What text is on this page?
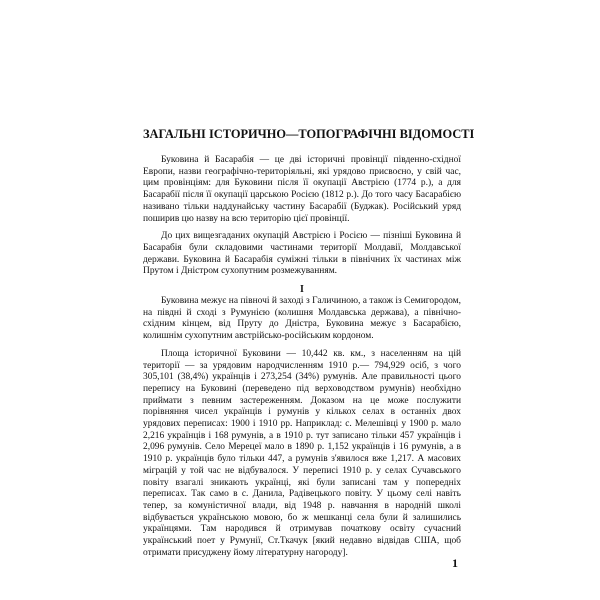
ЗАГАЛЬНІ ІСТОРИЧНО—ТОПОГРАФІЧНІ ВІДОМОСТІ

Буковина й Басарабія — це дві історичні провінції південно-східної Европи, назви географічно-територіяльні, які урядово присвоєно, у свій час, цим провінціям: для Буковини після її окупації Австрією (1774 р.), а для Басарабії після її окупації царською Росією (1812 р.). До того часу Басарабією називано тільки наддунайську частину Басарабії (Буджак). Російський уряд поширив цю назву на всю територію цієї провінції.

До цих вищезгаданих окупацій Австрією і Росією — пізніші Буковина й Басарабія були складовими частинами території Молдавії, Молдавської держави. Буковина й Басарабія суміжні тільки в північних їх частинах між Прутом і Дністром сухопутним розмежуванням.

I

Буковина межує на півночі й заході з Галичиною, а також із Семигородом, на півдні й сході з Румунією (колишня Молдавська держава), а північно-східним кінцем, від Пруту до Дністра, Буковина межує з Басарабією, колишнім сухопутним австрійсько-російським кордоном.

Площа історичної Буковини — 10,442 кв. км., з населенням на цій території — за урядовим народчисленням 1910 р.— 794,929 осіб, з чого 305,101 (38,4%) українців і 273,254 (34%) румунів. Але правильності цього перепису на Буковині (переведено під верховодством румунів) необхідно приймати з певним застереженням. Доказом на це може послужити порівняння чисел українців і румунів у кількох селах в останніх двох урядових переписах: 1900 і 1910 рр. Наприклад: с. Мелешівці у 1900 р. мало 2,216 українців і 168 румунів, а в 1910 р. тут записано тільки 457 українців і 2,096 румунів. Село Мерецеї мало в 1890 р. 1,152 українців і 16 румунів, а в 1910 р. українців було тільки 447, а румунів з'явилося вже 1,217. А масових міграцій у той час не відбувалося. У переписі 1910 р. у селах Сучавського повіту взагалі зникають українці, які були записані там у попередніх переписах. Так само в с. Данила, Радівецького повіту. У цьому селі навіть тепер, за комуністичної влади, від 1948 р. навчання в народній школі відбувається українською мовою, бо ж мешканці села були й залишились українцями. Там народився й отримував початкову освіту сучасний український поет у Румунії, Ст.Ткачук [який недавно відвідав США, щоб отримати присуджену йому літературну нагороду].

1
